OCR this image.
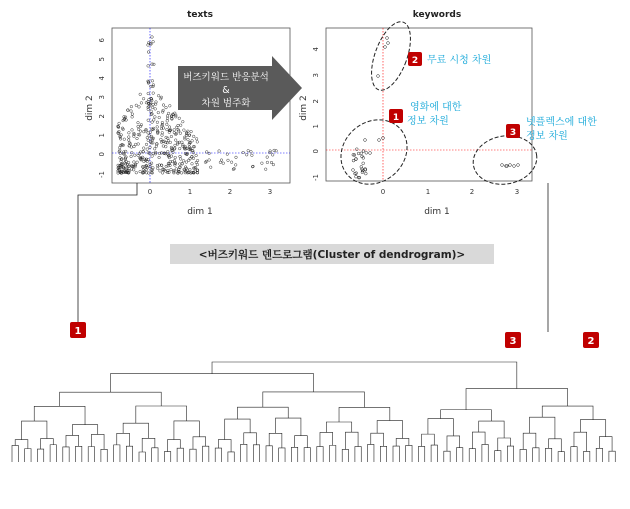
texts
6
5
4
3
2
1
0
-1
dim 2
0	1	2	3
dim 1
버즈키워드 반응분석
&
차원 범주화
keywords
4
3
2
1
0
-1
dim 2
0	1	2	3
dim 1
2 무료 시청 차원
1
영화에 대한
정보 차원
3
넷플렉스에 대한
정보 차원
<버즈키워드 덴드로그램(Cluster of dendrogram)>
1
3	2
